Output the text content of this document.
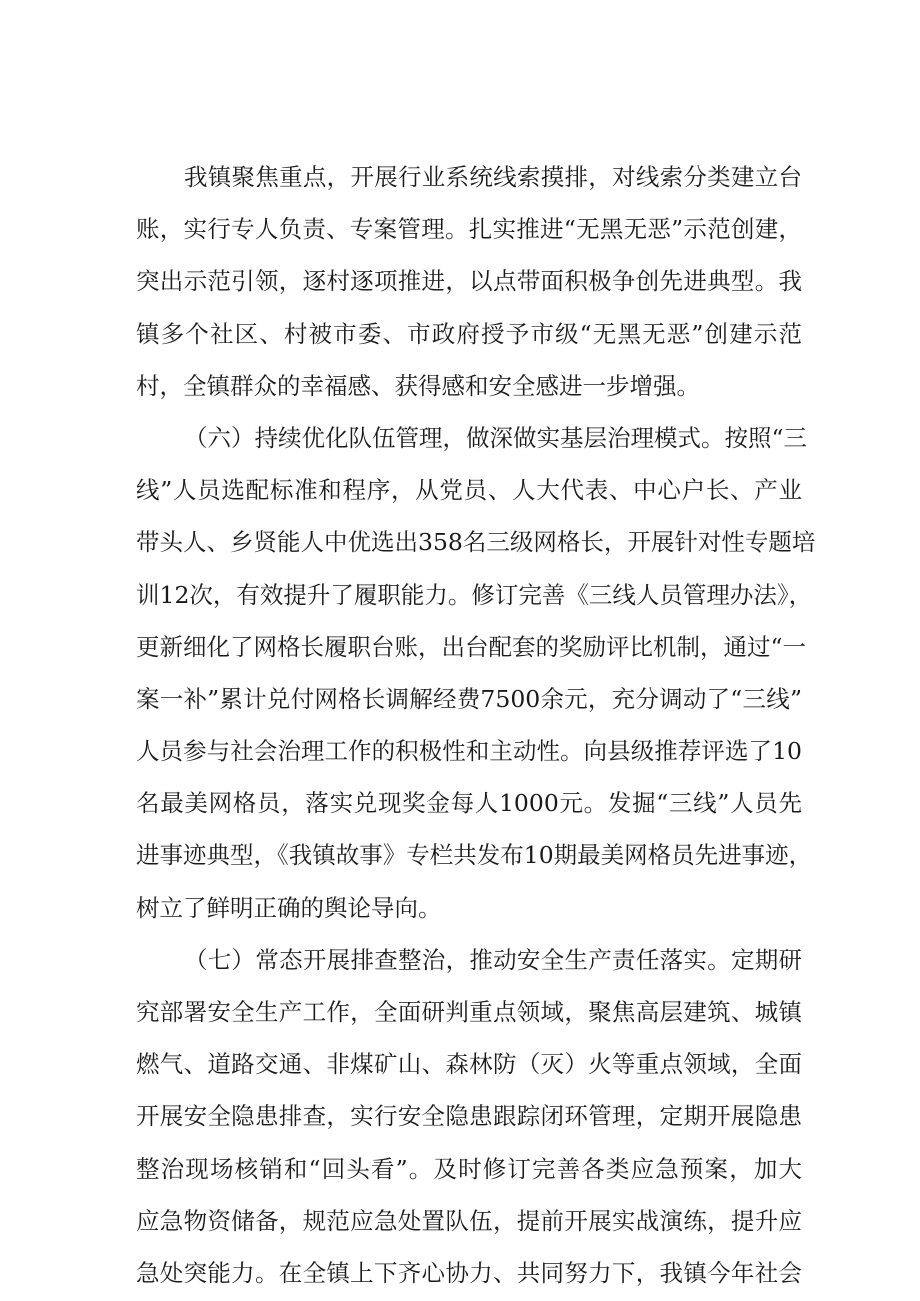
我镇聚焦重点，开展行业系统线索摸排，对线索分类建立台
账，实行专人负责、专案管理。扎实推进“无黑无恶”示范创建，
突出示范引领，逐村逐项推进，以点带面积极争创先进典型。我
镇多个社区、村被市委、市政府授予市级“无黑无恶”创建示范
村，全镇群众的幸福感、获得感和安全感进一步增强。
（六）持续优化队伍管理，做深做实基层治理模式。按照“三
线”人员选配标准和程序，从党员、人大代表、中心户长、产业
带头人、乡贤能人中优选出358名三级网格长，开展针对性专题培
训12次，有效提升了履职能力。修订完善《三线人员管理办法》，
更新细化了网格长履职台账，出台配套的奖励评比机制，通过“一
案一补”累计兑付网格长调解经费7500余元，充分调动了“三线”
人员参与社会治理工作的积极性和主动性。向县级推荐评选了10
名最美网格员，落实兑现奖金每人1000元。发掘“三线”人员先
进事迹典型，《我镇故事》专栏共发布10期最美网格员先进事迹，
树立了鲜明正确的舆论导向。
（七）常态开展排查整治，推动安全生产责任落实。定期研
究部署安全生产工作，全面研判重点领域，聚焦高层建筑、城镇
燃气、道路交通、非煤矿山、森林防（灭）火等重点领域，全面
开展安全隐患排查，实行安全隐患跟踪闭环管理，定期开展隐患
整治现场核销和“回头看”。及时修订完善各类应急预案，加大
应急物资储备，规范应急处置队伍，提前开展实战演练，提升应
急处突能力。在全镇上下齐心协力、共同努力下，我镇今年社会
